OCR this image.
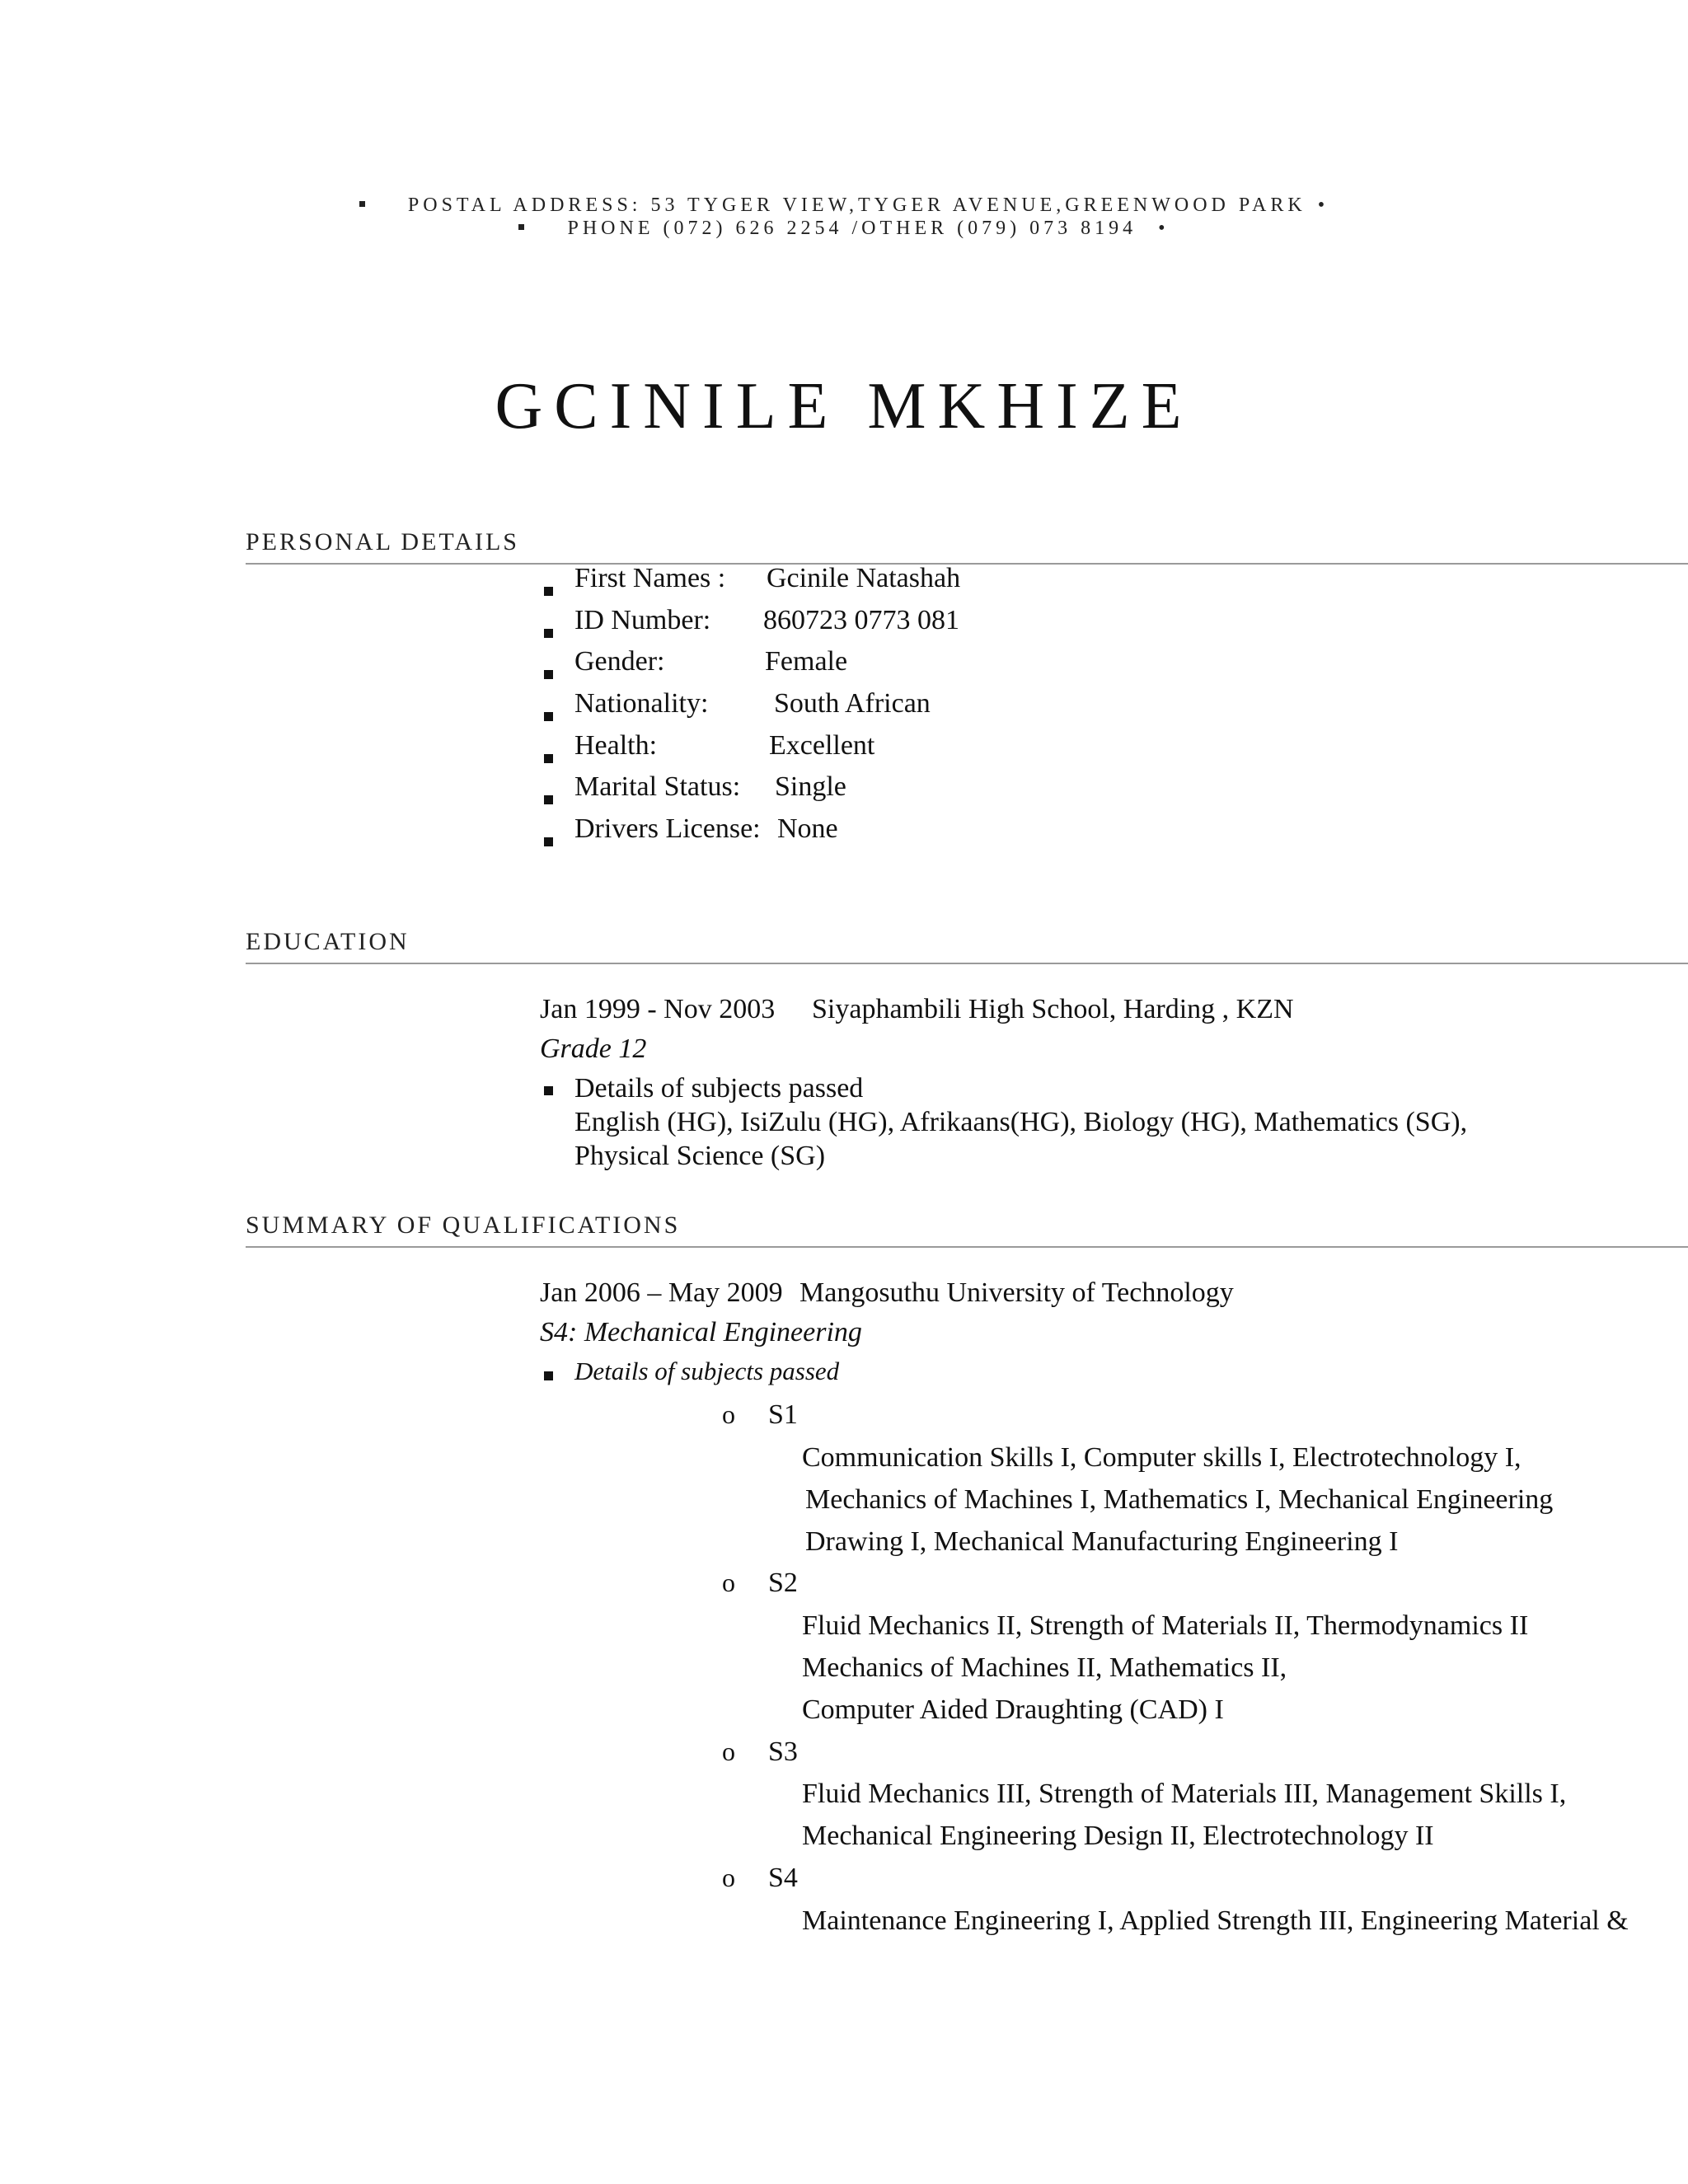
POSTAL ADDRESS: 53 TYGER VIEW,TYGER AVENUE,GREENWOOD PARK •
PHONE (072) 626 2254 /OTHER (079) 073 8194 •
GCINILE MKHIZE
PERSONAL DETAILS
First Names : Gcinile Natashah
ID Number: 860723 0773 081
Gender:	Female
Nationality: South African
Health:	Excellent
Marital Status: Single
Drivers License: None
EDUCATION
Jan 1999 - Nov 2003 Siyaphambili High School, Harding , KZN
Grade 12
Details of subjects passed
English (HG), IsiZulu (HG), Afrikaans(HG), Biology (HG), Mathematics (SG),
Physical Science (SG)
SUMMARY OF QUALIFICATIONS
Jan 2006 – May 2009 Mangosuthu University of Technology
S4: Mechanical Engineering
Details of subjects passed
o S1
Communication Skills I, Computer skills I, Electrotechnology I,
Mechanics of Machines I, Mathematics I, Mechanical Engineering
Drawing I, Mechanical Manufacturing Engineering I
o S2
Fluid Mechanics II, Strength of Materials II, Thermodynamics II
Mechanics of Machines II, Mathematics II,
Computer Aided Draughting (CAD) I
o S3
Fluid Mechanics III, Strength of Materials III, Management Skills I,
Mechanical Engineering Design II, Electrotechnology II
o S4
Maintenance Engineering I, Applied Strength III, Engineering Material &
